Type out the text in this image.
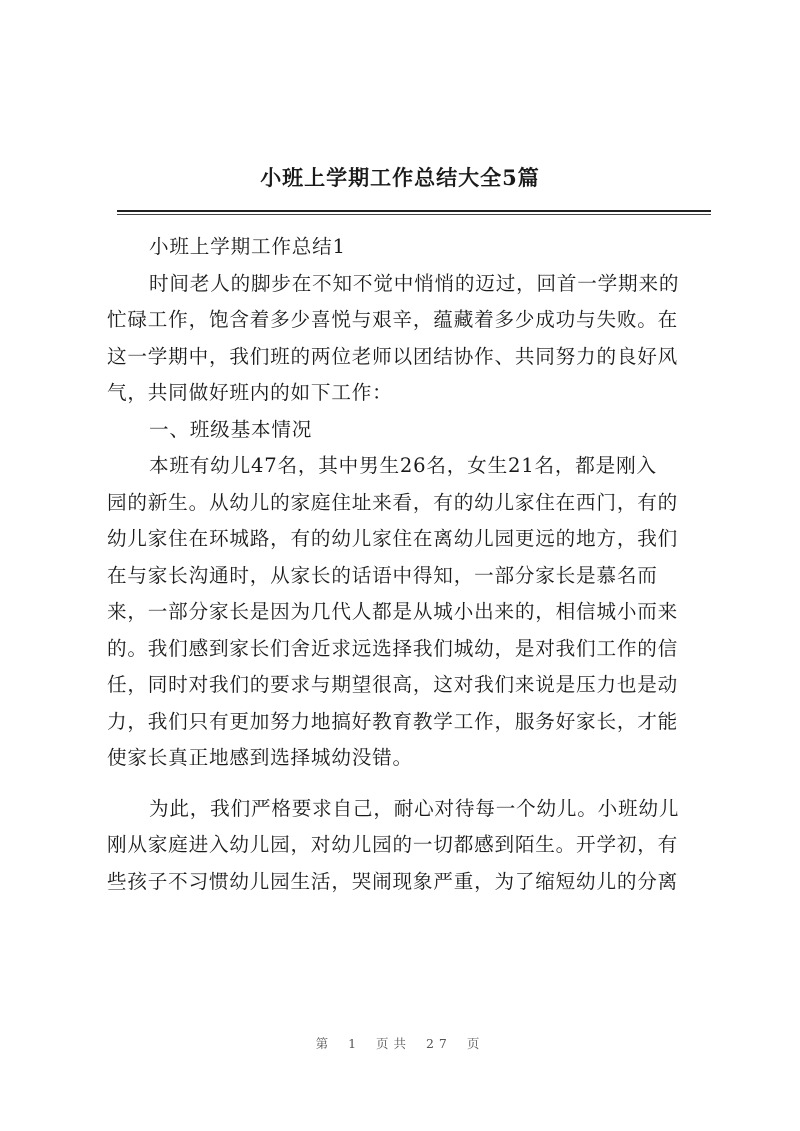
小班上学期工作总结大全5篇
小班上学期工作总结1
时间老人的脚步在不知不觉中悄悄的迈过，回首一学期来的
忙碌工作，饱含着多少喜悦与艰辛，蕴藏着多少成功与失败。在
这一学期中，我们班的两位老师以团结协作、共同努力的良好风
气，共同做好班内的如下工作：
一、班级基本情况
本班有幼儿47名，其中男生26名，女生21名，都是刚入
园的新生。从幼儿的家庭住址来看，有的幼儿家住在西门，有的
幼儿家住在环城路，有的幼儿家住在离幼儿园更远的地方，我们
在与家长沟通时，从家长的话语中得知，一部分家长是慕名而
来，一部分家长是因为几代人都是从城小出来的，相信城小而来
的。我们感到家长们舍近求远选择我们城幼，是对我们工作的信
任，同时对我们的要求与期望很高，这对我们来说是压力也是动
力，我们只有更加努力地搞好教育教学工作，服务好家长，才能
使家长真正地感到选择城幼没错。
为此，我们严格要求自己，耐心对待每一个幼儿。小班幼儿
刚从家庭进入幼儿园，对幼儿园的一切都感到陌生。开学初，有
些孩子不习惯幼儿园生活，哭闹现象严重，为了缩短幼儿的分离
第 1 页共 27 页
